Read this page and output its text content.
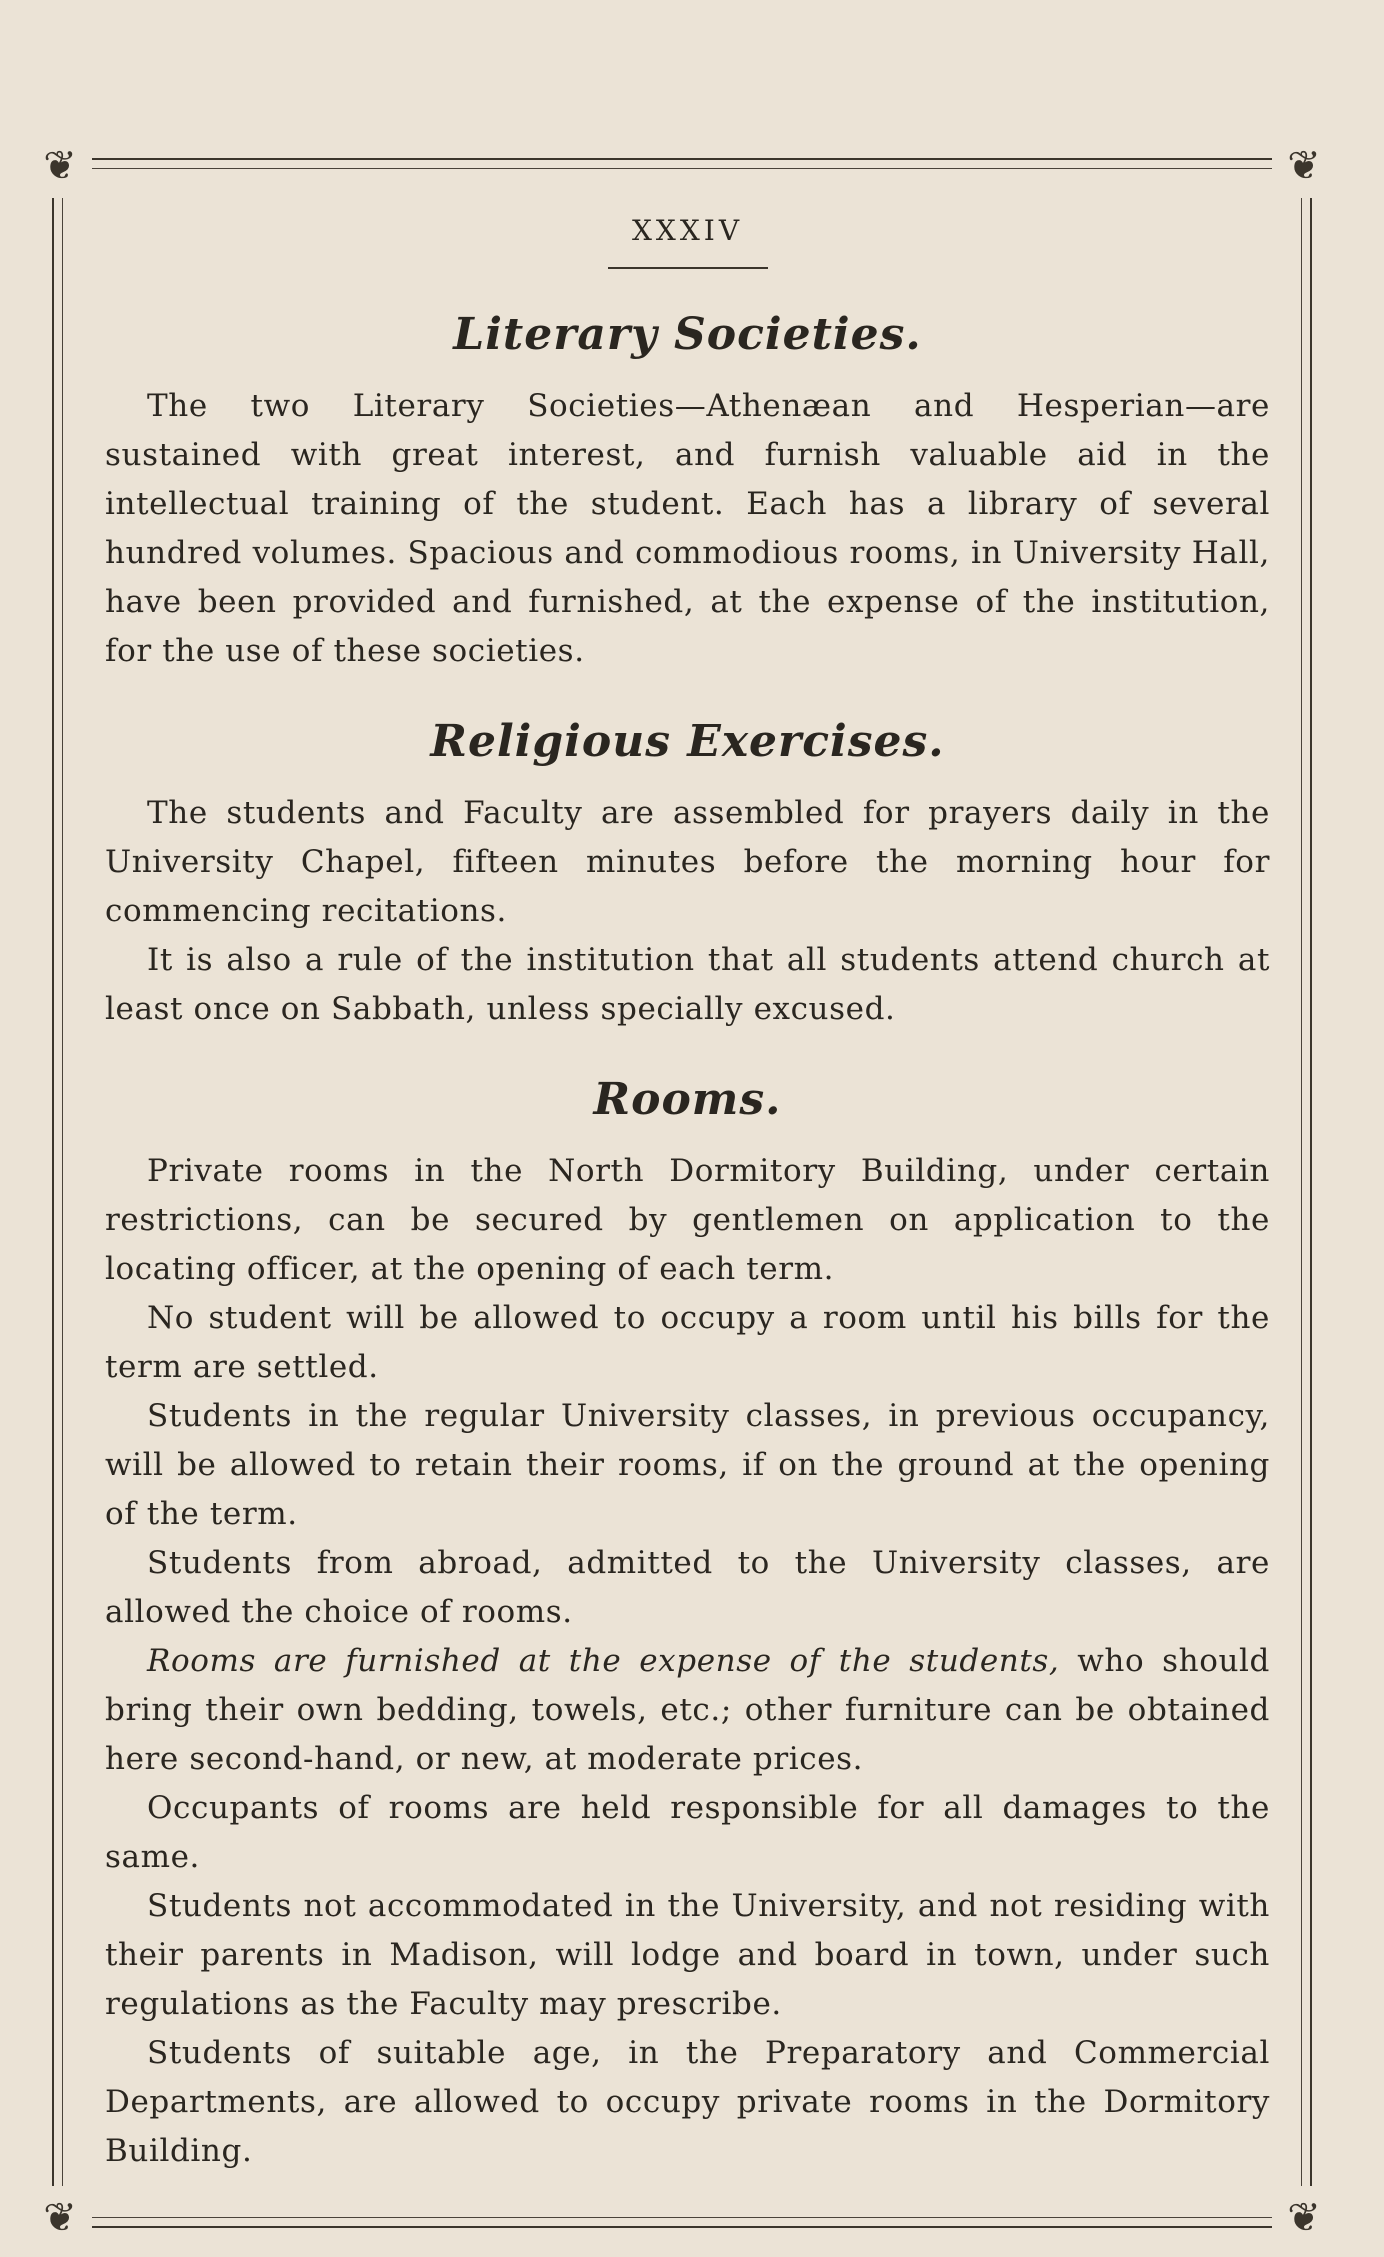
❦	❦
❦	❦
XXXIV
Literary Societies.

The two Literary Societies—Athenæan and Hesperian—are sustained with great interest, and furnish valuable aid in the intellectual training of the student. Each has a library of several hundred volumes. Spacious and commodious rooms, in University Hall, have been provided and furnished, at the expense of the institution, for the use of these societies.

Religious Exercises.

The students and Faculty are assembled for prayers daily in the University Chapel, fifteen minutes before the morning hour for commencing recitations.

It is also a rule of the institution that all students attend church at least once on Sabbath, unless specially excused.

Rooms.

Private rooms in the North Dormitory Building, under certain restrictions, can be secured by gentlemen on application to the locating officer, at the opening of each term.

No student will be allowed to occupy a room until his bills for the term are settled.

Students in the regular University classes, in previous occupancy, will be allowed to retain their rooms, if on the ground at the opening of the term.

Students from abroad, admitted to the University classes, are allowed the choice of rooms.

Rooms are furnished at the expense of the students, who should bring their own bedding, towels, etc.; other furniture can be obtained here second-hand, or new, at moderate prices.

Occupants of rooms are held responsible for all damages to the same.

Students not accommodated in the University, and not residing with their parents in Madison, will lodge and board in town, under such regulations as the Faculty may prescribe.

Students of suitable age, in the Preparatory and Commercial Departments, are allowed to occupy private rooms in the Dormitory Building.
